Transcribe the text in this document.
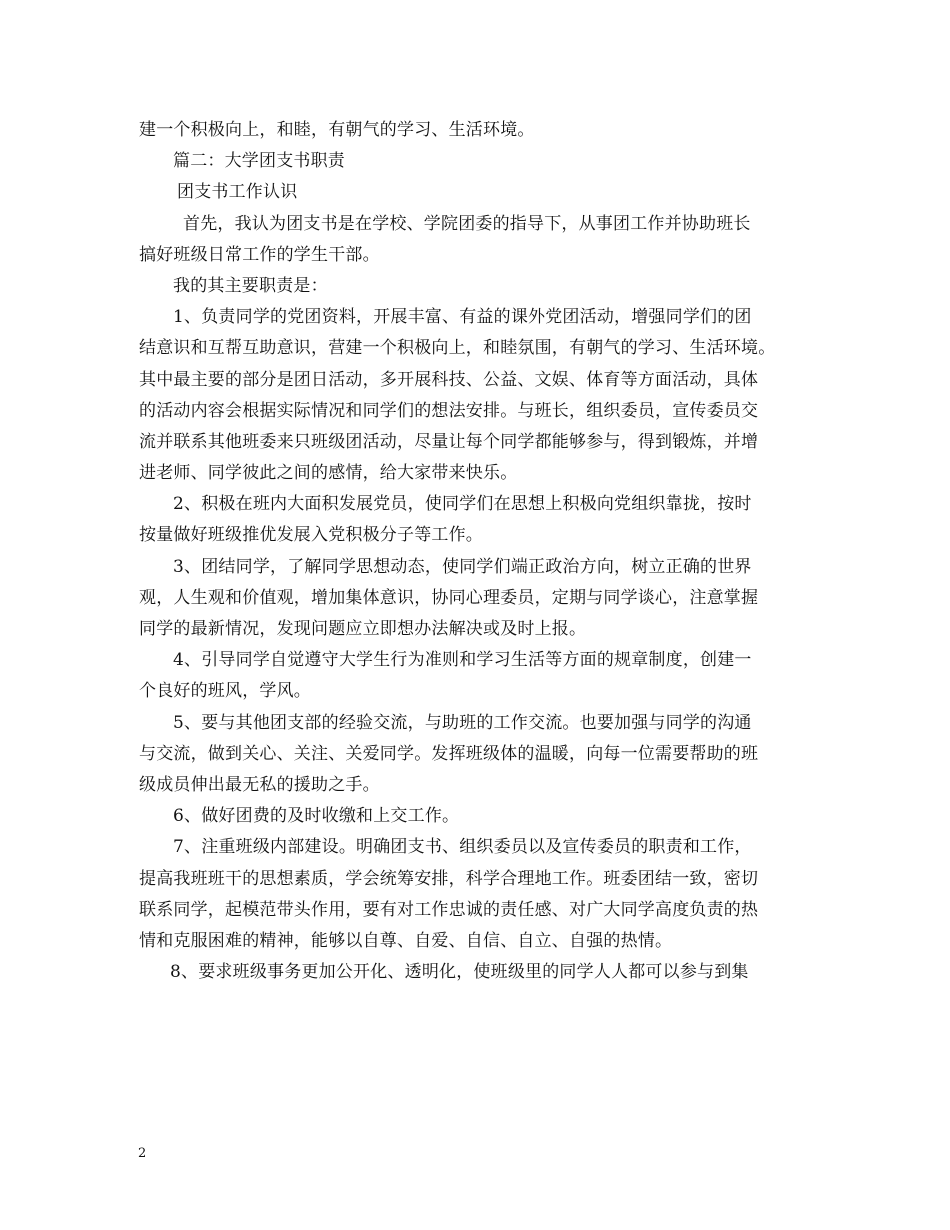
建一个积极向上，和睦，有朝气的学习、生活环境。
篇二：大学团支书职责
团支书工作认识
首先，我认为团支书是在学校、学院团委的指导下，从事团工作并协助班长
搞好班级日常工作的学生干部。
我的其主要职责是：
1、负责同学的党团资料，开展丰富、有益的课外党团活动，增强同学们的团
结意识和互帮互助意识，营建一个积极向上，和睦氛围，有朝气的学习、生活环境。
其中最主要的部分是团日活动，多开展科技、公益、文娱、体育等方面活动，具体
的活动内容会根据实际情况和同学们的想法安排。与班长，组织委员，宣传委员交
流并联系其他班委来只班级团活动，尽量让每个同学都能够参与，得到锻炼，并增
进老师、同学彼此之间的感情，给大家带来快乐。
2、积极在班内大面积发展党员，使同学们在思想上积极向党组织靠拢，按时
按量做好班级推优发展入党积极分子等工作。
3、团结同学，了解同学思想动态，使同学们端正政治方向，树立正确的世界
观，人生观和价值观，增加集体意识，协同心理委员，定期与同学谈心，注意掌握
同学的最新情况，发现问题应立即想办法解决或及时上报。
4、引导同学自觉遵守大学生行为准则和学习生活等方面的规章制度，创建一
个良好的班风，学风。
5、要与其他团支部的经验交流，与助班的工作交流。也要加强与同学的沟通
与交流，做到关心、关注、关爱同学。发挥班级体的温暖，向每一位需要帮助的班
级成员伸出最无私的援助之手。
6、做好团费的及时收缴和上交工作。
7、注重班级内部建设。明确团支书、组织委员以及宣传委员的职责和工作，
提高我班班干的思想素质，学会统筹安排，科学合理地工作。班委团结一致，密切
联系同学，起模范带头作用，要有对工作忠诚的责任感、对广大同学高度负责的热
情和克服困难的精神，能够以自尊、自爱、自信、自立、自强的热情。
8、要求班级事务更加公开化、透明化，使班级里的同学人人都可以参与到集
2
